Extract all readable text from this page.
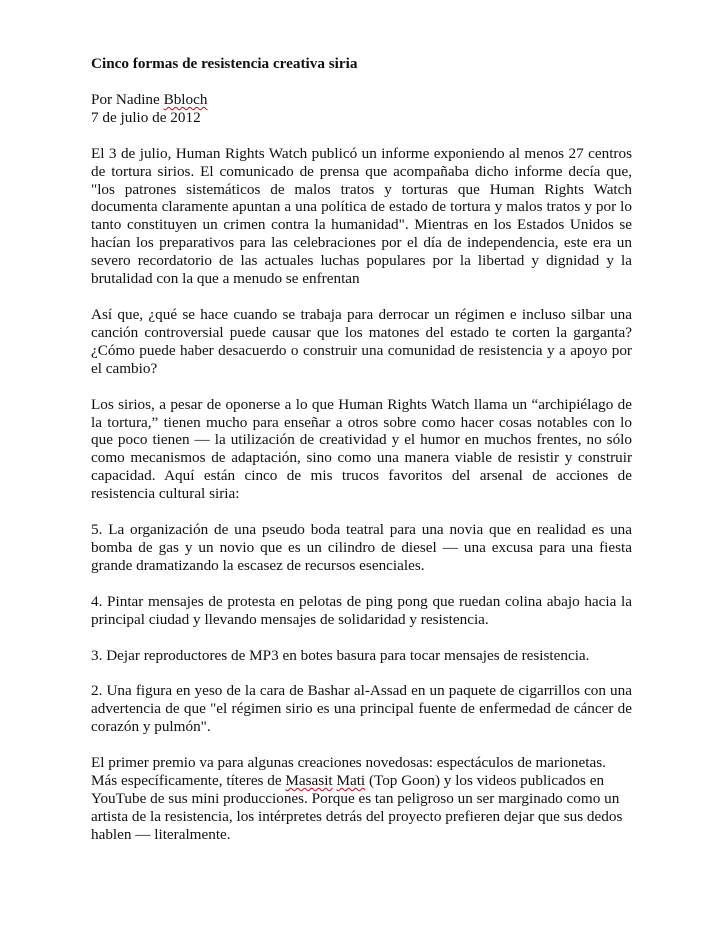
Cinco formas de resistencia creativa siria
Por Nadine Bbloch
7 de julio de 2012
El 3 de julio, Human Rights Watch publicó un informe exponiendo al menos 27 centros de tortura sirios. El comunicado de prensa que acompañaba dicho informe decía que, "los patrones sistemáticos de malos tratos y torturas que Human Rights Watch documenta claramente apuntan a una política de estado de tortura y malos tratos y por lo tanto constituyen un crimen contra la humanidad". Mientras en los Estados Unidos se hacían los preparativos para las celebraciones por el día de independencia, este era un severo recordatorio de las actuales luchas populares por la libertad y dignidad y la brutalidad con la que a menudo se enfrentan
Así que, ¿qué se hace cuando se trabaja para derrocar un régimen e incluso silbar una canción controversial puede causar que los matones del estado te corten la garganta? ¿Cómo puede haber desacuerdo o construir una comunidad de resistencia y a apoyo por el cambio?
Los sirios, a pesar de oponerse a lo que Human Rights Watch llama un “archipiélago de la tortura,” tienen mucho para enseñar a otros sobre como hacer cosas notables con lo que poco tienen — la utilización de creatividad y el humor en muchos frentes, no sólo como mecanismos de adaptación, sino como una manera viable de resistir y construir capacidad. Aquí están cinco de mis trucos favoritos del arsenal de acciones de resistencia cultural siria:
5. La organización de una pseudo boda teatral para una novia que en realidad es una bomba de gas y un novio que es un cilindro de diesel — una excusa para una fiesta grande dramatizando la escasez de recursos esenciales.
4. Pintar mensajes de protesta en pelotas de ping pong que ruedan colina abajo hacia la principal ciudad y llevando mensajes de solidaridad y resistencia.
3. Dejar reproductores de MP3 en botes basura para tocar mensajes de resistencia.
2. Una figura en yeso de la cara de Bashar al-Assad en un paquete de cigarrillos con una advertencia de que "el régimen sirio es una principal fuente de enfermedad de cáncer de corazón y pulmón".
El primer premio va para algunas creaciones novedosas: espectáculos de marionetas. Más específicamente, títeres de Masasit Mati (Top Goon) y los videos publicados en YouTube de sus mini producciones. Porque es tan peligroso un ser marginado como un artista de la resistencia, los intérpretes detrás del proyecto prefieren dejar que sus dedos hablen — literalmente.
